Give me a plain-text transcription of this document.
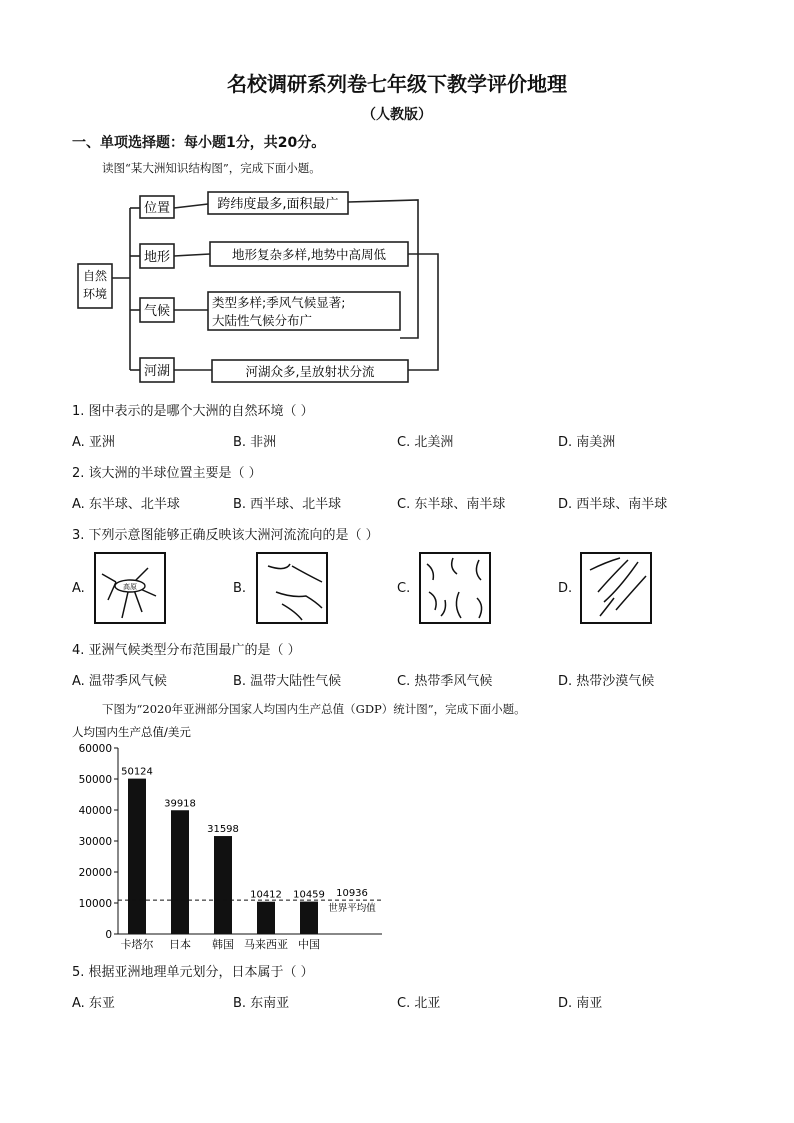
名校调研系列卷七年级下教学评价地理
（人教版）
一、单项选择题：每小题1分，共20分。
读图“某大洲知识结构图”，完成下面小题。
自然
环境
位置	跨纬度最多,面积最广
地形	地形复杂多样,地势中高周低
气候
类型多样;季风气候显著;
大陆性气候分布广
河湖	河湖众多,呈放射状分流
1. 图中表示的是哪个大洲的自然环境（ ）
A. 亚洲	B. 非洲	C. 北美洲	D. 南美洲
2. 该大洲的半球位置主要是（ ）
A. 东半球、北半球	B. 西半球、北半球	C. 东半球、南半球	D. 西半球、南半球
3. 下列示意图能够正确反映该大洲河流流向的是（ ）
A.	B.	C.	D.
高原
4. 亚洲气候类型分布范围最广的是（ ）
A. 温带季风气候	B. 温带大陆性气候	C. 热带季风气候	D. 热带沙漠气候
下图为“2020年亚洲部分国家人均国内生产总值（GDP）统计图”，完成下面小题。
人均国内生产总值/美元
0
10000
20000
30000
40000
50000
60000
50124
卡塔尔
39918
日本
31598
韩国
10412
马来西亚
10459
中国
10936
世界平均值
5. 根据亚洲地理单元划分，日本属于（ ）
A. 东亚	B. 东南亚	C. 北亚	D. 南亚
